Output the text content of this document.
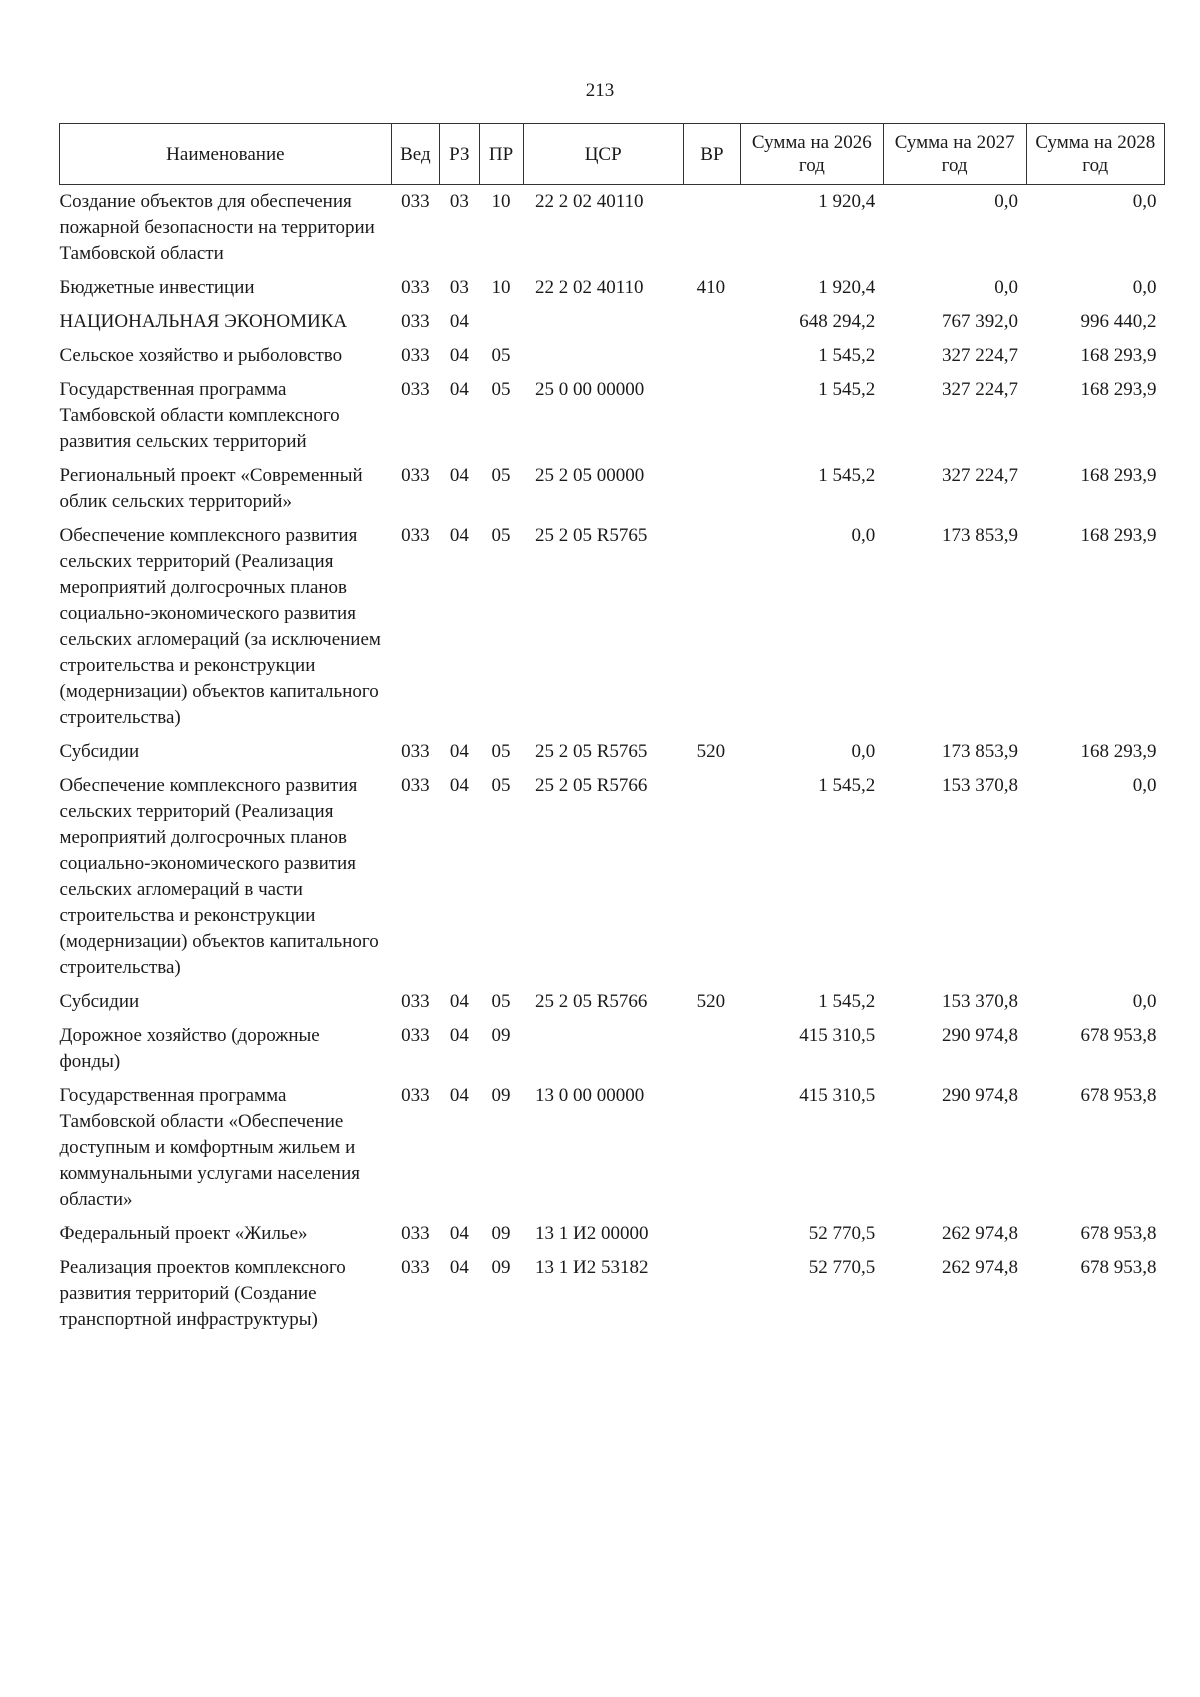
213
Наименование	Вед	РЗ	ПР	ЦСР	ВР	Сумма на 2026 год	Сумма на 2027 год	Сумма на 2028 год
Создание объектов для обеспечения пожарной безопасности на территории Тамбовской области	033	03	10	22 2 02 40110		1 920,4	0,0	0,0
Бюджетные инвестиции	033	03	10	22 2 02 40110	410	1 920,4	0,0	0,0
НАЦИОНАЛЬНАЯ ЭКОНОМИКА	033	04				648 294,2	767 392,0	996 440,2
Сельское хозяйство и рыболовство	033	04	05			1 545,2	327 224,7	168 293,9
Государственная программа Тамбовской области комплексного развития сельских территорий	033	04	05	25 0 00 00000		1 545,2	327 224,7	168 293,9
Региональный проект «Современный облик сельских территорий»	033	04	05	25 2 05 00000		1 545,2	327 224,7	168 293,9
Обеспечение комплексного развития сельских территорий (Реализация мероприятий долгосрочных планов социально-экономического развития сельских агломераций (за исключением строительства и реконструкции (модернизации) объектов капитального строительства)	033	04	05	25 2 05 R5765		0,0	173 853,9	168 293,9
Субсидии	033	04	05	25 2 05 R5765	520	0,0	173 853,9	168 293,9
Обеспечение комплексного развития сельских территорий (Реализация мероприятий долгосрочных планов социально-экономического развития сельских агломераций в части строительства и реконструкции (модернизации) объектов капитального строительства)	033	04	05	25 2 05 R5766		1 545,2	153 370,8	0,0
Субсидии	033	04	05	25 2 05 R5766	520	1 545,2	153 370,8	0,0
Дорожное хозяйство (дорожные фонды)	033	04	09			415 310,5	290 974,8	678 953,8
Государственная программа Тамбовской области «Обеспечение доступным и комфортным жильем и коммунальными услугами населения области»	033	04	09	13 0 00 00000		415 310,5	290 974,8	678 953,8
Федеральный проект «Жилье»	033	04	09	13 1 И2 00000		52 770,5	262 974,8	678 953,8
Реализация проектов комплексного развития территорий (Создание транспортной инфраструктуры)	033	04	09	13 1 И2 53182		52 770,5	262 974,8	678 953,8
